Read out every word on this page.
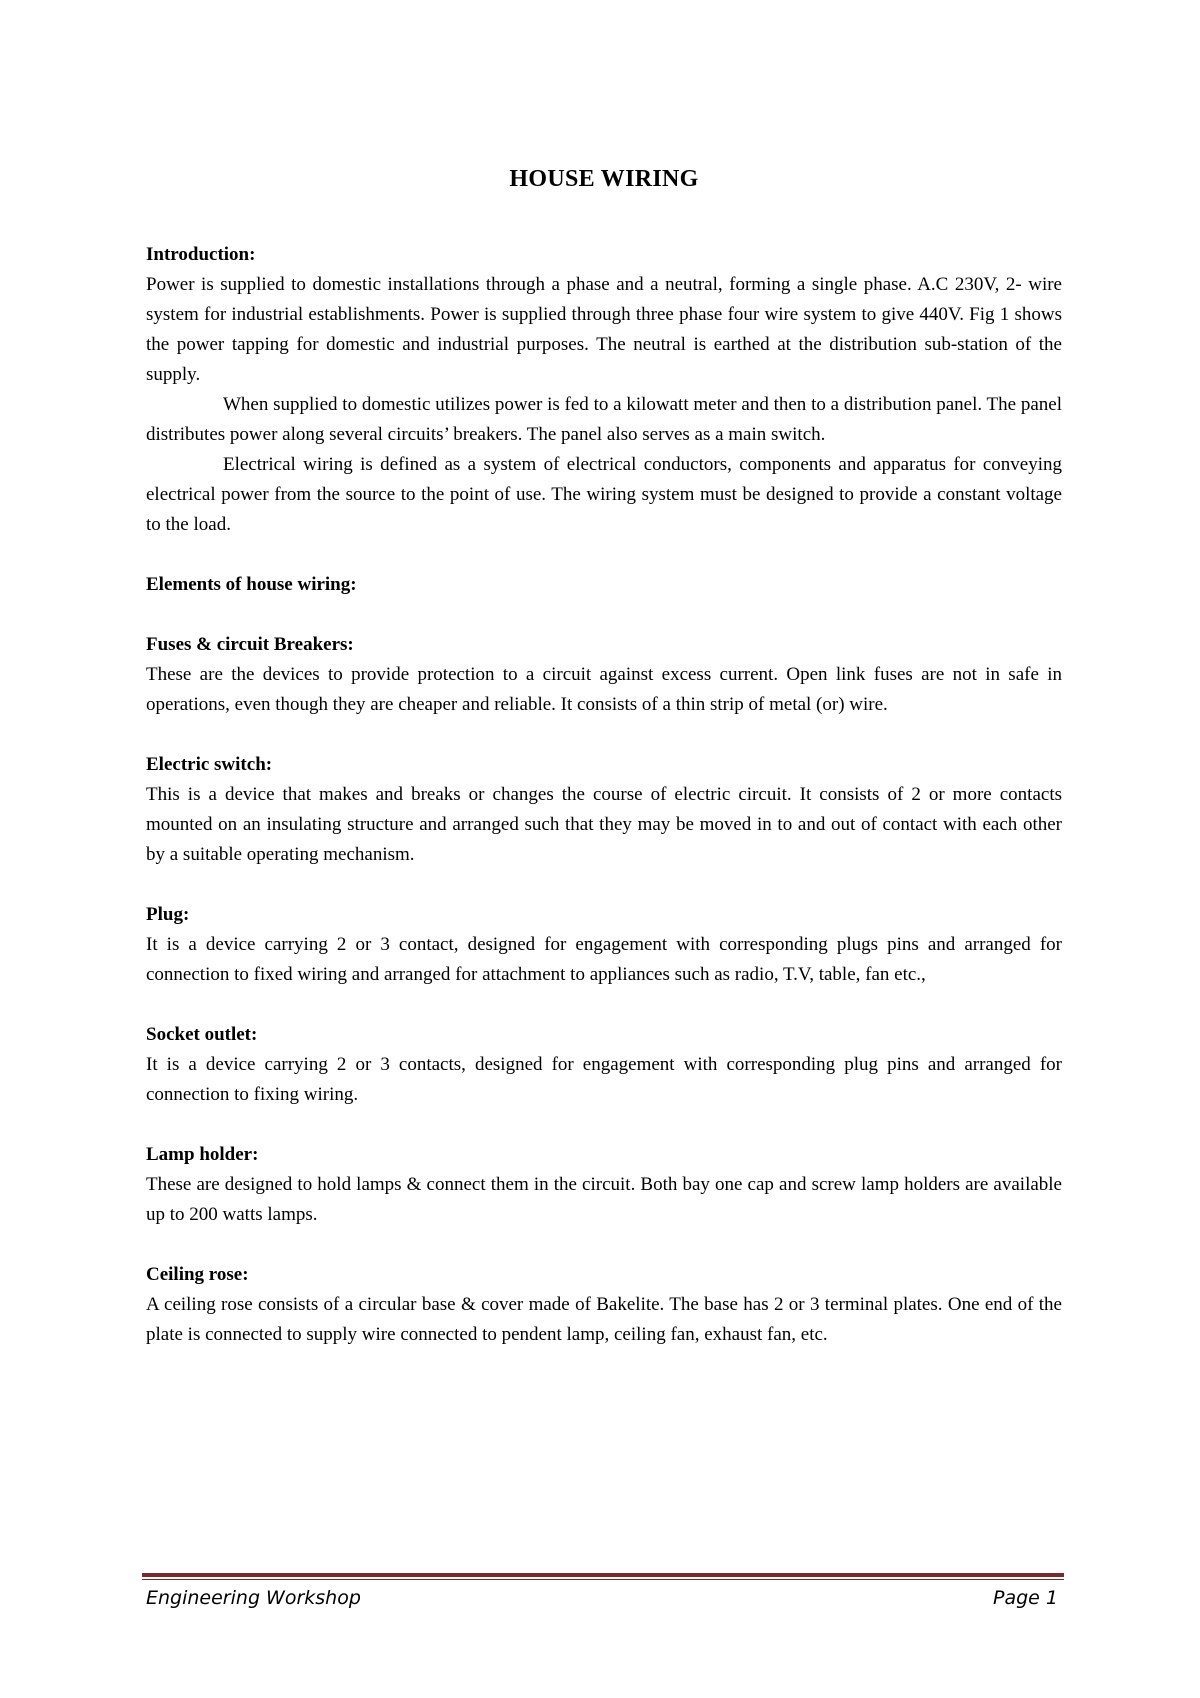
HOUSE WIRING

Introduction:

Power is supplied to domestic installations through a phase and a neutral, forming a single phase. A.C 230V, 2- wire system for industrial establishments. Power is supplied through three phase four wire system to give 440V. Fig 1 shows the power tapping for domestic and industrial purposes. The neutral is earthed at the distribution sub-station of the supply.

When supplied to domestic utilizes power is fed to a kilowatt meter and then to a distribution panel. The panel distributes power along several circuits’ breakers. The panel also serves as a main switch.

Electrical wiring is defined as a system of electrical conductors, components and apparatus for conveying electrical power from the source to the point of use. The wiring system must be designed to provide a constant voltage to the load.

Elements of house wiring:

Fuses & circuit Breakers:

These are the devices to provide protection to a circuit against excess current. Open link fuses are not in safe in operations, even though they are cheaper and reliable. It consists of a thin strip of metal (or) wire.

Electric switch:

This is a device that makes and breaks or changes the course of electric circuit. It consists of 2 or more contacts mounted on an insulating structure and arranged such that they may be moved in to and out of contact with each other by a suitable operating mechanism.

Plug:

It is a device carrying 2 or 3 contact, designed for engagement with corresponding plugs pins and arranged for connection to fixed wiring and arranged for attachment to appliances such as radio, T.V, table, fan etc.,

Socket outlet:

It is a device carrying 2 or 3 contacts, designed for engagement with corresponding plug pins and arranged for connection to fixing wiring.

Lamp holder:

These are designed to hold lamps & connect them in the circuit. Both bay one cap and screw lamp holders are available up to 200 watts lamps.

Ceiling rose:

A ceiling rose consists of a circular base & cover made of Bakelite. The base has 2 or 3 terminal plates. One end of the plate is connected to supply wire connected to pendent lamp, ceiling fan, exhaust fan, etc.

Engineering Workshop	Page 1
